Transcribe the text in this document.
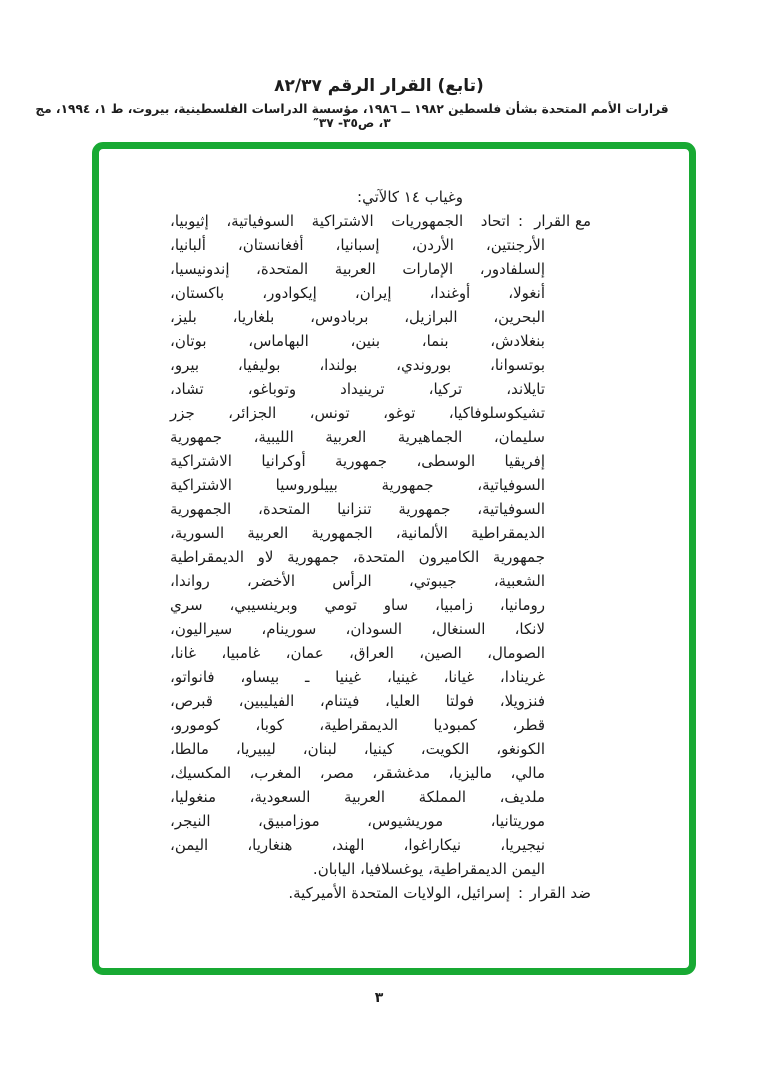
(تابع) القرار الرقم ٨٢/٣٧
قرارات الأمم المتحدة بشأن فلسطين ١٩٨٢ ــ ١٩٨٦، مؤسسة الدراسات الفلسطينية، بيروت، ط ١، ١٩٩٤، مج ٣، ص٣٥- ٣٧″
وغياب ١٤ كالآتي:
مع القرار
:
اتحاد الجمهوريات الاشتراكية السوفياتية، إثيوبيا،
الأرجنتين، الأردن، إسبانيا، أفغانستان، ألبانيا،
إلسلفادور، الإمارات العربية المتحدة، إندونيسيا،
أنغولا، أوغندا، إيران، إيكوادور، باكستان،
البحرين، البرازيل، بربادوس، بلغاريا، بليز،
بنغلادش، بنما، بنين، البهاماس، بوتان،
بوتسوانا، بوروندي، بولندا، بوليفيا، بيرو،
تايلاند، تركيا، ترينيداد وتوباغو، تشاد،
تشيكوسلوفاكيا، توغو، تونس، الجزائر، جزر
سليمان، الجماهيرية العربية الليبية، جمهورية
إفريقيا الوسطى، جمهورية أوكرانيا الاشتراكية
السوفياتية، جمهورية بييلوروسيا الاشتراكية
السوفياتية، جمهورية تنزانيا المتحدة، الجمهورية
الديمقراطية الألمانية، الجمهورية العربية السورية،
جمهورية الكاميرون المتحدة، جمهورية لاو الديمقراطية
الشعبية، جيبوتي، الرأس الأخضر، رواندا،
رومانيا، زامبيا، ساو تومي وبرينسيبي، سري
لانكا، السنغال، السودان، سورينام، سيراليون،
الصومال، الصين، العراق، عمان، غامبيا، غانا،
غرينادا، غيانا، غينيا، غينيا ـ بيساو، فانواتو،
فنزويلا، فولتا العليا، فيتنام، الفيليبين، قبرص،
قطر، كمبوديا الديمقراطية، كوبا، كومورو،
الكونغو، الكويت، كينيا، لبنان، ليبيريا، مالطا،
مالي، ماليزيا، مدغشقر، مصر، المغرب، المكسيك،
ملديف، المملكة العربية السعودية، منغوليا،
موريتانيا، موريشيوس، موزامبيق، النيجر،
نيجيريا، نيكاراغوا، الهند، هنغاريا، اليمن،
اليمن الديمقراطية، يوغسلافيا، اليابان.
ضد القرار
:
إسرائيل، الولايات المتحدة الأميركية.
٣
